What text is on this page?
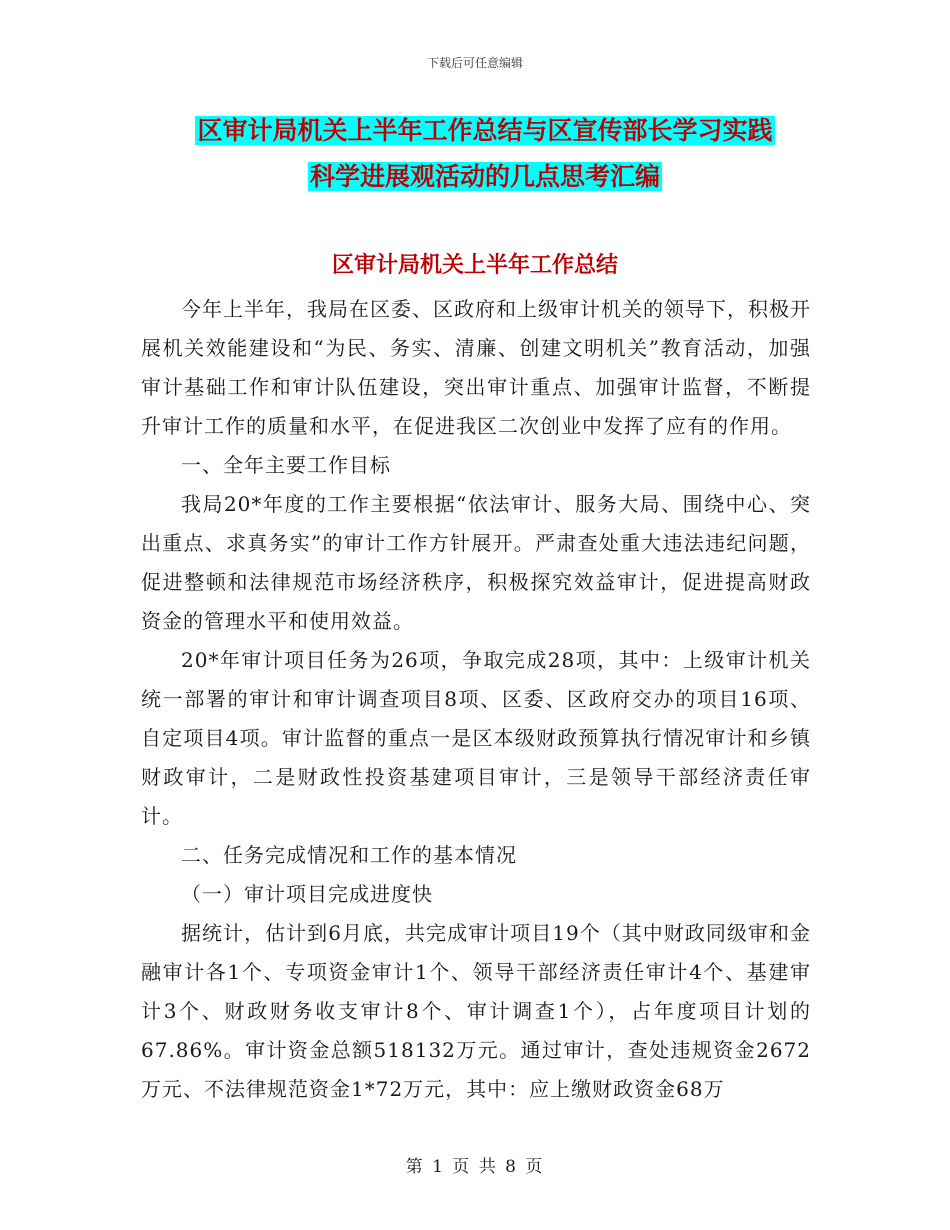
下载后可任意编辑
区审计局机关上半年工作总结与区宣传部长学习实践
科学进展观活动的几点思考汇编
区审计局机关上半年工作总结

今年上半年，我局在区委、区政府和上级审计机关的领导下，积极开展机关效能建设和“为民、务实、清廉、创建文明机关”教育活动，加强审计基础工作和审计队伍建设，突出审计重点、加强审计监督，不断提升审计工作的质量和水平，在促进我区二次创业中发挥了应有的作用。

一、全年主要工作目标

我局20*年度的工作主要根据“依法审计、服务大局、围绕中心、突出重点、求真务实”的审计工作方针展开。严肃查处重大违法违纪问题，促进整顿和法律规范市场经济秩序，积极探究效益审计，促进提高财政资金的管理水平和使用效益。

20*年审计项目任务为26项，争取完成28项，其中：上级审计机关统一部署的审计和审计调查项目8项、区委、区政府交办的项目16项、自定项目4项。审计监督的重点一是区本级财政预算执行情况审计和乡镇财政审计，二是财政性投资基建项目审计，三是领导干部经济责任审计。

二、任务完成情况和工作的基本情况

（一）审计项目完成进度快

据统计，估计到6月底，共完成审计项目19个（其中财政同级审和金融审计各1个、专项资金审计1个、领导干部经济责任审计4个、基建审计3个、财政财务收支审计8个、审计调查1个），占年度项目计划的67.86%。审计资金总额518132万元。通过审计，查处违规资金2672万元、不法律规范资金1*72万元，其中：应上缴财政资金68万

第 1 页 共 8 页
